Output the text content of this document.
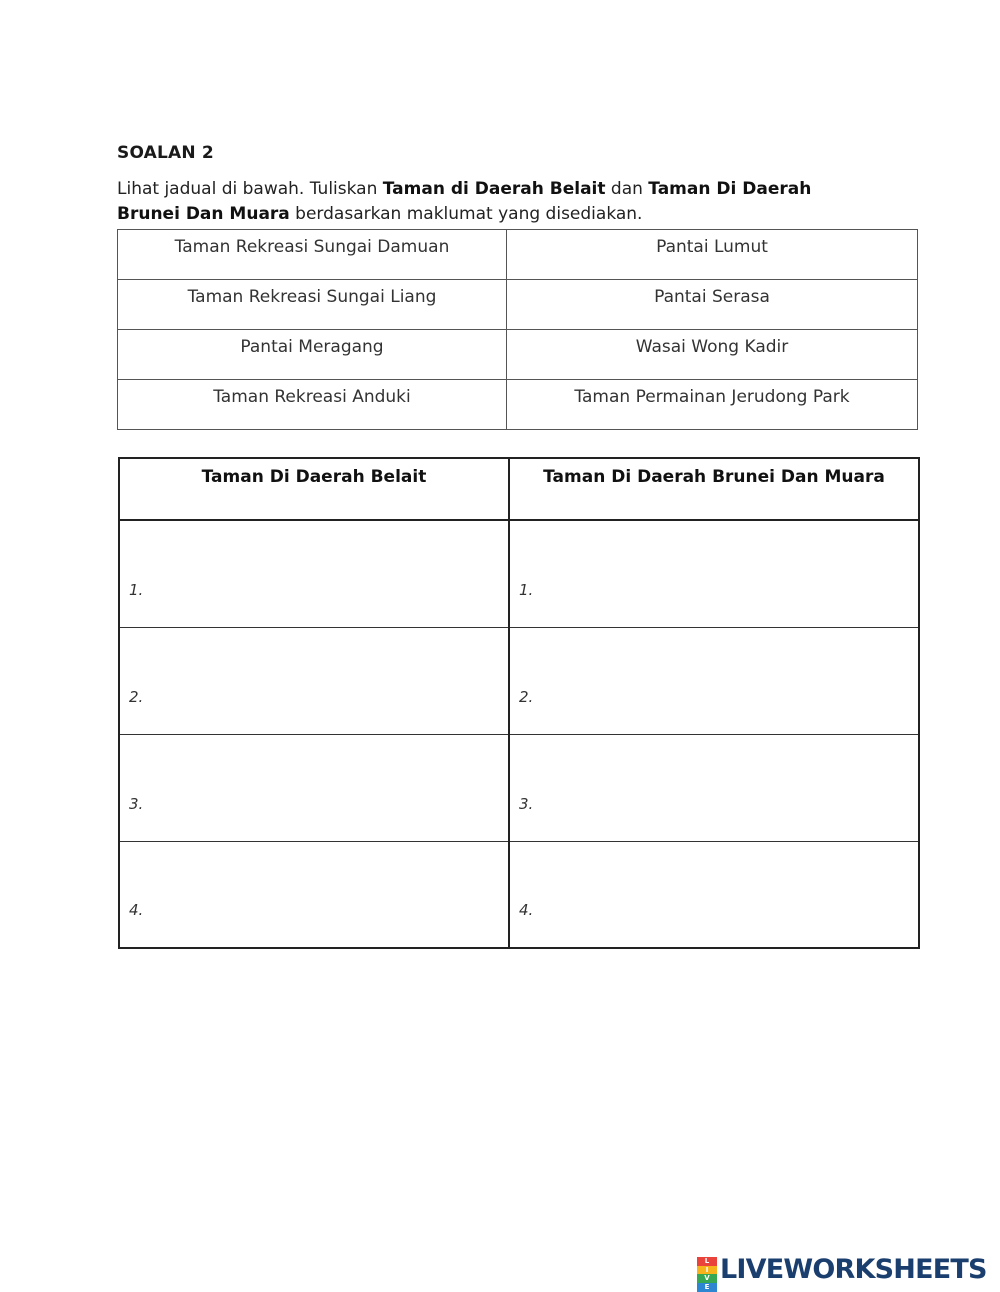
SOALAN 2
Lihat jadual di bawah. Tuliskan Taman di Daerah Belait dan Taman Di Daerah Brunei Dan Muara berdasarkan maklumat yang disediakan.
Taman Rekreasi Sungai Damuan	Pantai Lumut
Taman Rekreasi Sungai Liang	Pantai Serasa
Pantai Meragang	Wasai Wong Kadir
Taman Rekreasi Anduki	Taman Permainan Jerudong Park
Taman Di Daerah Belait	Taman Di Daerah Brunei Dan Muara
1.	1.
2.	2.
3.	3.
4.	4.
L
I
V
E
LIVEWORKSHEETS
